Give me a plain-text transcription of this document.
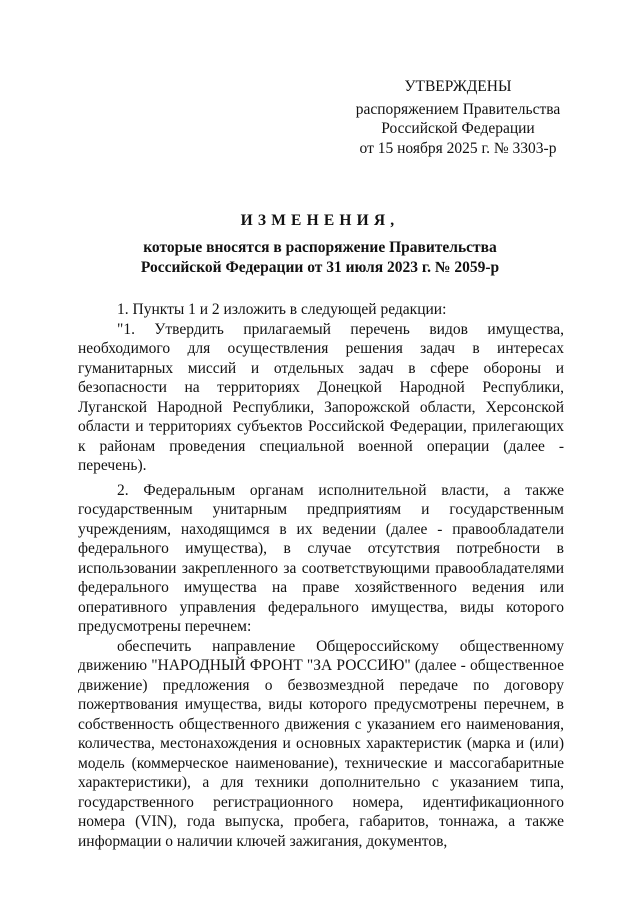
УТВЕРЖДЕНЫ
распоряжением Правительства
Российской Федерации
от 15 ноября 2025 г. № 3303-р
ИЗМЕНЕНИЯ,
которые вносятся в распоряжение Правительства
Российской Федерации от 31 июля 2023 г. № 2059-р

1. Пункты 1 и 2 изложить в следующей редакции:

"1. Утвердить прилагаемый перечень видов имущества, необходимого для осуществления решения задач в интересах гуманитарных миссий и отдельных задач в сфере обороны и безопасности на территориях Донецкой Народной Республики, Луганской Народной Республики, Запорожской области, Херсонской области и территориях субъектов Российской Федерации, прилегающих к районам проведения специальной военной операции (далее - перечень).

2. Федеральным органам исполнительной власти, а также государственным унитарным предприятиям и государственным учреждениям, находящимся в их ведении (далее - правообладатели федерального имущества), в случае отсутствия потребности в использовании закрепленного за соответствующими правообладателями федерального имущества на праве хозяйственного ведения или оперативного управления федерального имущества, виды которого предусмотрены перечнем:

обеспечить направление Общероссийскому общественному движению "НАРОДНЫЙ ФРОНТ "ЗА РОССИЮ" (далее - общественное движение) предложения о безвозмездной передаче по договору пожертвования имущества, виды которого предусмотрены перечнем, в собственность общественного движения с указанием его наименования, количества, местонахождения и основных характеристик (марка и (или) модель (коммерческое наименование), технические и массогабаритные характеристики), а для техники дополнительно с указанием типа, государственного регистрационного номера, идентификационного номера (VIN), года выпуска, пробега, габаритов, тоннажа, а также информации о наличии ключей зажигания, документов,
